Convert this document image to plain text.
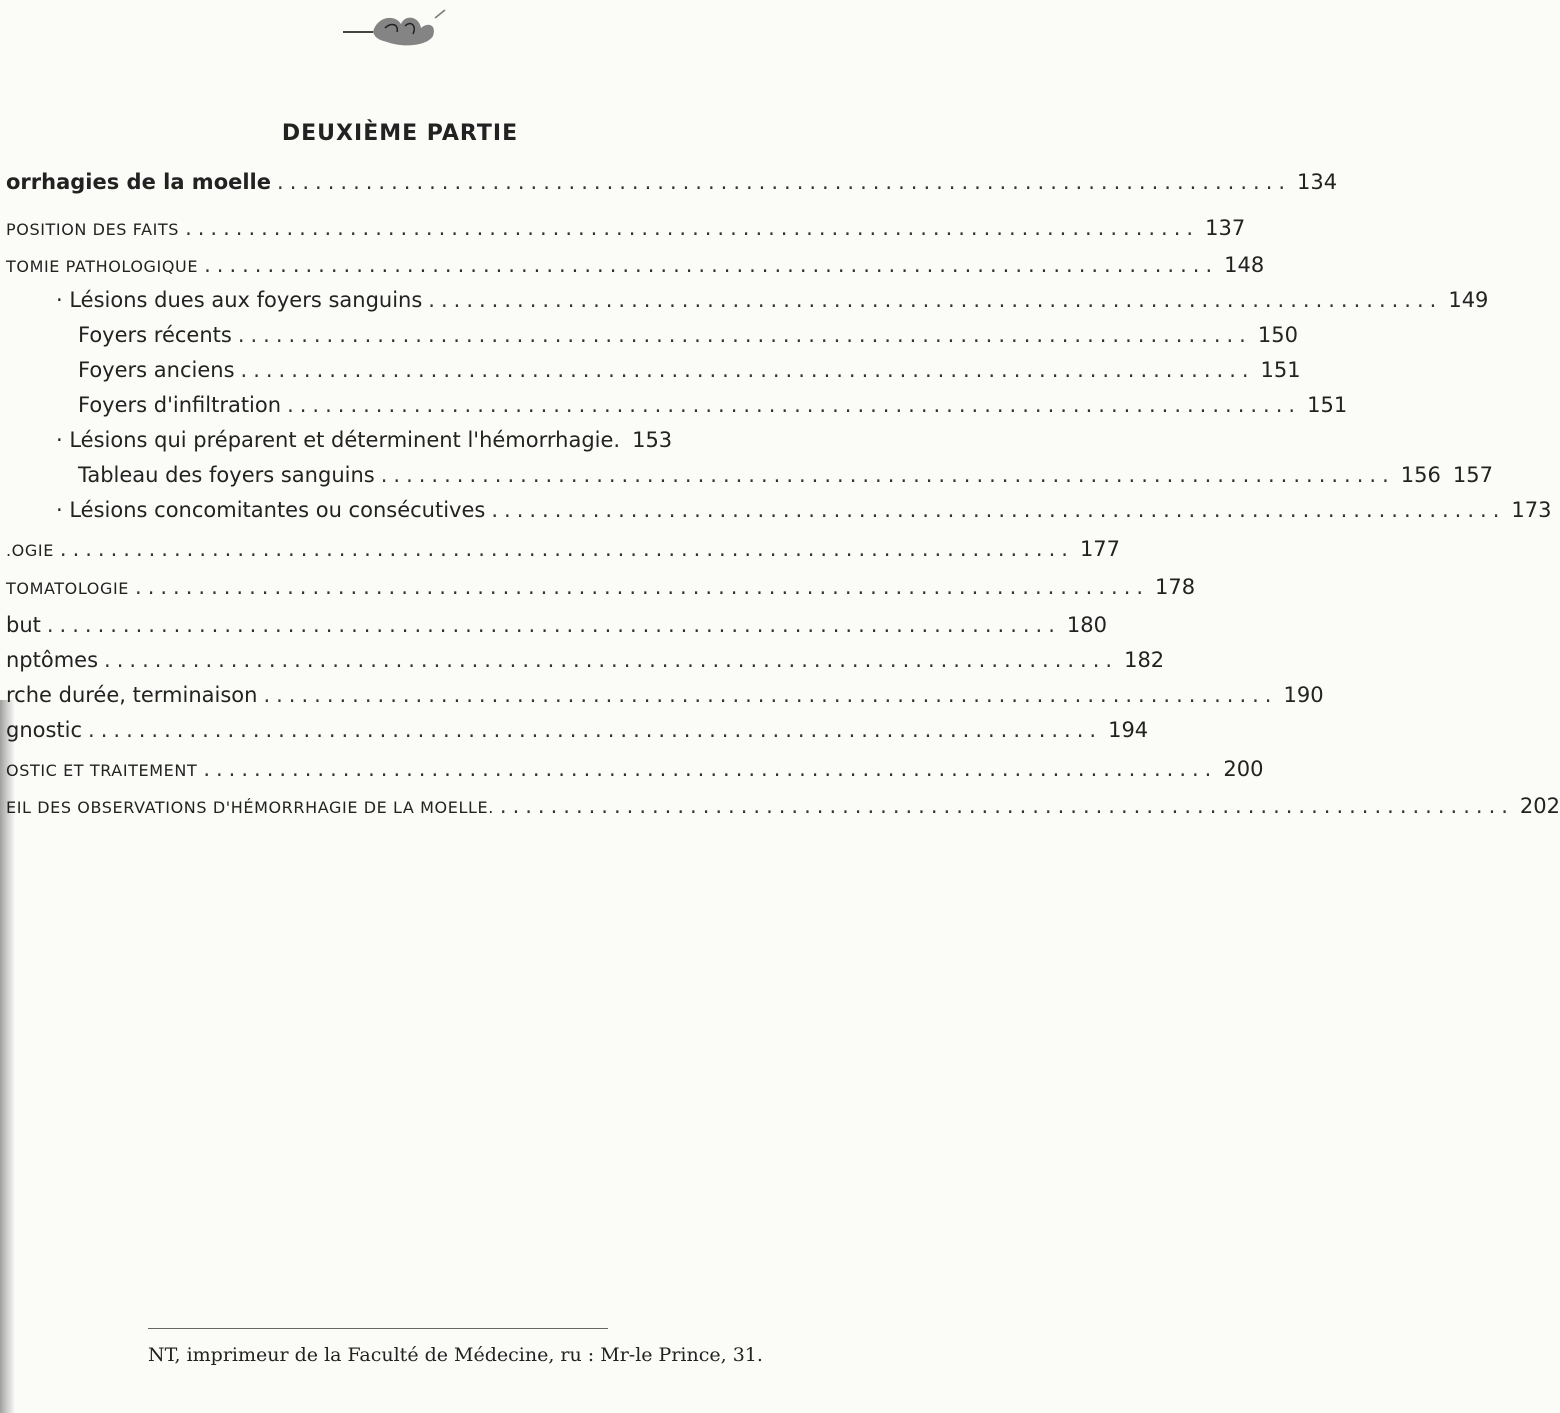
DEUXIÈME PARTIE
orrhagies de la moelle ................................................................................ 134
POSITION DES FAITS ................................................................................ 137
TOMIE PATHOLOGIQUE ................................................................................ 148
· Lésions dues aux foyers sanguins ................................................................................ 149
Foyers récents ................................................................................ 150
Foyers anciens ................................................................................ 151
Foyers d'infiltration ................................................................................ 151
· Lésions qui préparent et déterminent l'hémorrhagie. 153
Tableau des foyers sanguins ................................................................................ 156 157
· Lésions concomitantes ou consécutives ................................................................................ 173
.OGIE ................................................................................ 177
TOMATOLOGIE ................................................................................ 178
but ................................................................................ 180
nptômes ................................................................................ 182
rche durée, terminaison ................................................................................ 190
gnostic ................................................................................ 194
OSTIC ET TRAITEMENT ................................................................................ 200
EIL DES OBSERVATIONS D'HÉMORRHAGIE DE LA MOELLE. ................................................................................ 202
NT, imprimeur de la Faculté de Médecine, ru : Mr-le Prince, 31.
